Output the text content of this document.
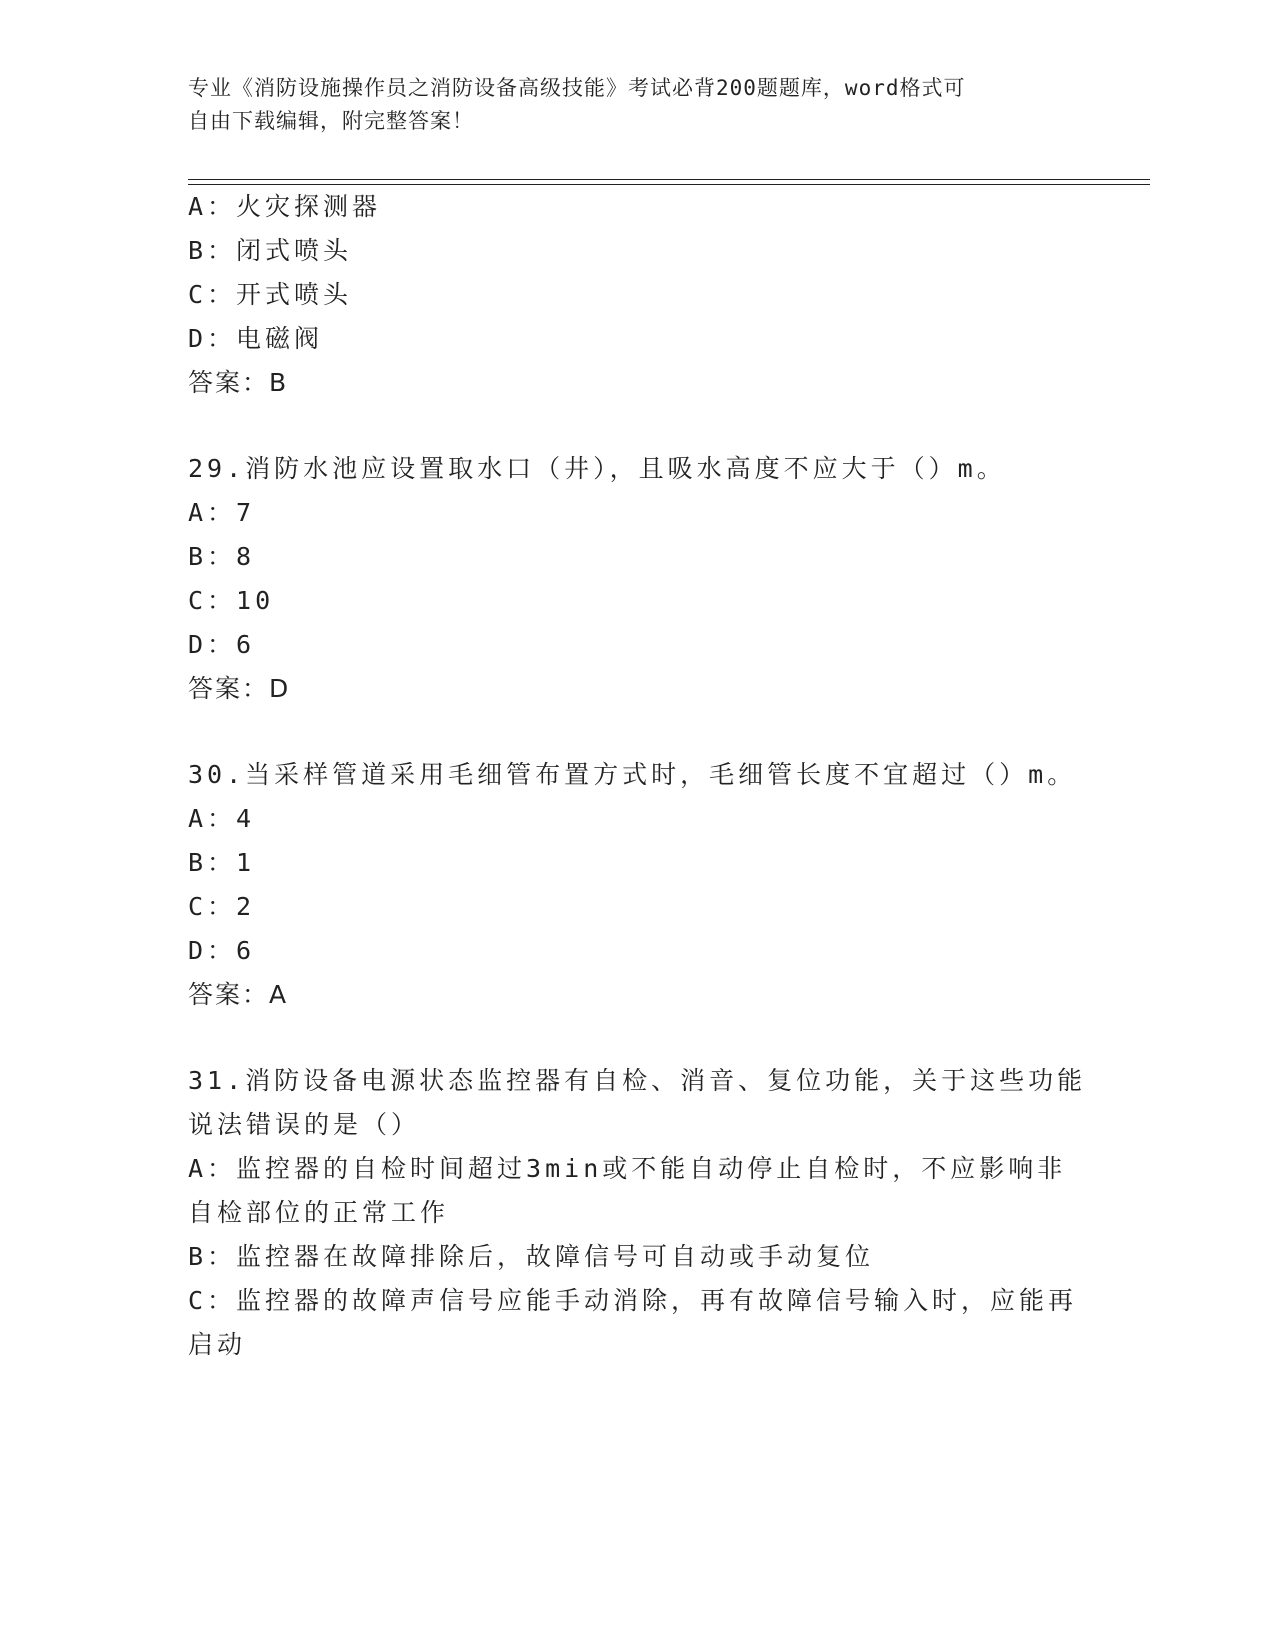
专业《消防设施操作员之消防设备高级技能》考试必背200题题库，word格式可
自由下载编辑，附完整答案！
A：火灾探测器
B：闭式喷头
C：开式喷头
D：电磁阀
答案：B
29.消防水池应设置取水口（井），且吸水高度不应大于（）m。
A：7
B：8
C：10
D：6
答案：D
30.当采样管道采用毛细管布置方式时，毛细管长度不宜超过（）m。
A：4
B：1
C：2
D：6
答案：A
31.消防设备电源状态监控器有自检、消音、复位功能，关于这些功能
说法错误的是（）
A：监控器的自检时间超过3min或不能自动停止自检时，不应影响非
自检部位的正常工作
B：监控器在故障排除后，故障信号可自动或手动复位
C：监控器的故障声信号应能手动消除，再有故障信号输入时，应能再
启动
